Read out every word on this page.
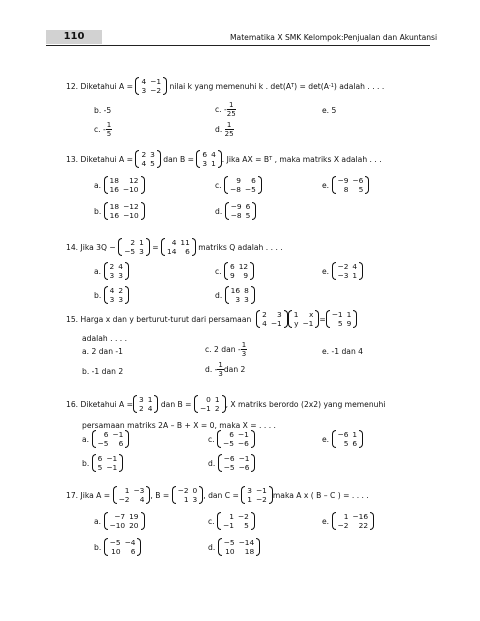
110	Matematika X SMK Kelompok:Penjualan dan Akuntansi
12.
Diketahui A =
4	−1
3	−2
nilai k yang memenuhi k . det(A T ) = det(A -1 ) adalah . . . .
b. -5	c. - $\frac{1}{25}$	e. 5
c. - $\frac{1}{5}$	d.
$\frac{1}{25}$
13.
Diketahui A =
2	3
4	5
dan B =
6	4
3	1 . Jika AX = B T
, maka matriks X adalah . . .
a.
18	12
16	−10	c.
9	6
−8	−5	e.
−9	−6
8	5
b.
18	−12
16	−10	d.
−9	6
−8	5
14.
Jika 3Q −
2	1
−5	3
=
4	11
14	6
matriks Q adalah . . . .
a.
2	4
3	3	c.
6	12
9	9	e.
−2	4
−3	1
b.
4	2
3	3	d.
16	8
3	3
15.
Harga x dan y berturut-turut dari persamaan
2	3
4	−1
1	x
y	−1 = −1	1
5	9
adalah . . . .
a. 2 dan -1	c. 2 dan - $\frac{1}{3}$	e. -1 dan 4
b. -1 dan 2	d. - $\frac{1}{3}$ dan 2
16.
Diketahui A = 3	1
2	4
dan B =
0	1
−1	2 , X matriks berordo (2x2) yang memenuhi
persamaan matriks 2A – B + X = 0, maka X = . . . .
a.
6	−1
−5	6	c.
6	−1
−5	−6	e.
−6	1
5	6
b.
6	−1
5	−1	d.
−6	−1
−5	−6
17.
Jika A =
1	−3
−2	4 , B =
−2	0
1	3 , dan C =
3	−1
1	−2 maka A x ( B – C ) = . . . .
a.
−7	19
−10	20	c.
1	−2
−1	5	e.
1	−16
−2	22
b.
−5	−4
10	6	d.
−5	−14
10	18
